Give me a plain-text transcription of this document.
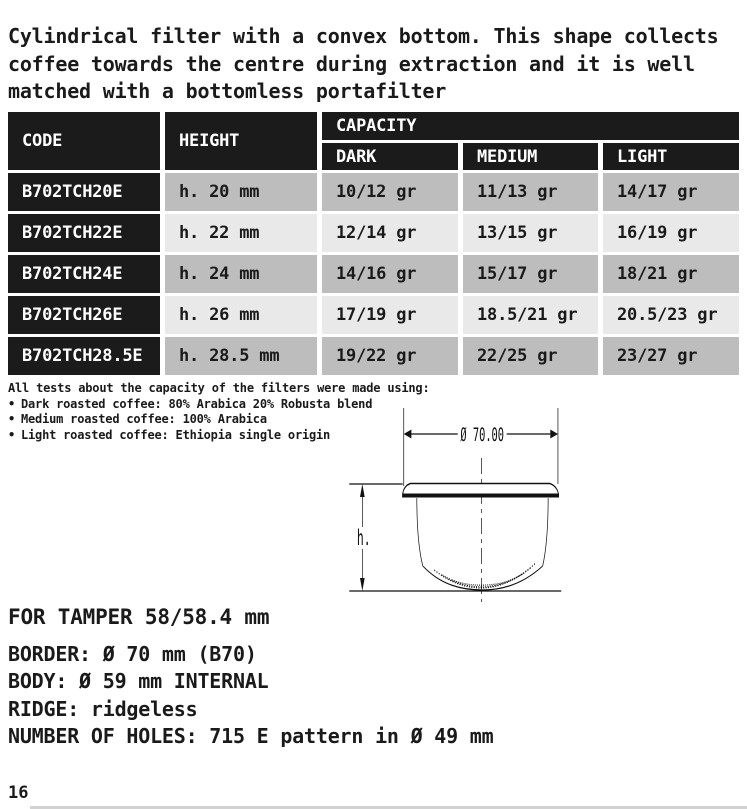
Cylindrical filter with a convex bottom. This shape collects coffee towards the centre during extraction and it is well matched with a bottomless portafilter

CODE	HEIGHT
CAPACITY
DARK	MEDIUM	LIGHT
B702TCH20E	h. 20 mm	10/12 gr	11/13 gr	14/17 gr
B702TCH22E	h. 22 mm	12/14 gr	13/15 gr	16/19 gr
B702TCH24E	h. 24 mm	14/16 gr	15/17 gr	18/21 gr
B702TCH26E	h. 26 mm	17/19 gr	18.5/21 gr	20.5/23 gr
B702TCH28.5E	h. 28.5 mm	19/22 gr	22/25 gr	23/27 gr
All tests about the capacity of the filters were made using:
• Dark roasted coffee: 80% Arabica 20% Robusta blend
• Medium roasted coffee: 100% Arabica
• Light roasted coffee: Ethiopia single origin	Ø 70.00
h.
FOR TAMPER 58/58.4 mm
BORDER: Ø 70 mm (B70)
BODY: Ø 59 mm INTERNAL
RIDGE: ridgeless
NUMBER OF HOLES: 715 E pattern in Ø 49 mm
16
